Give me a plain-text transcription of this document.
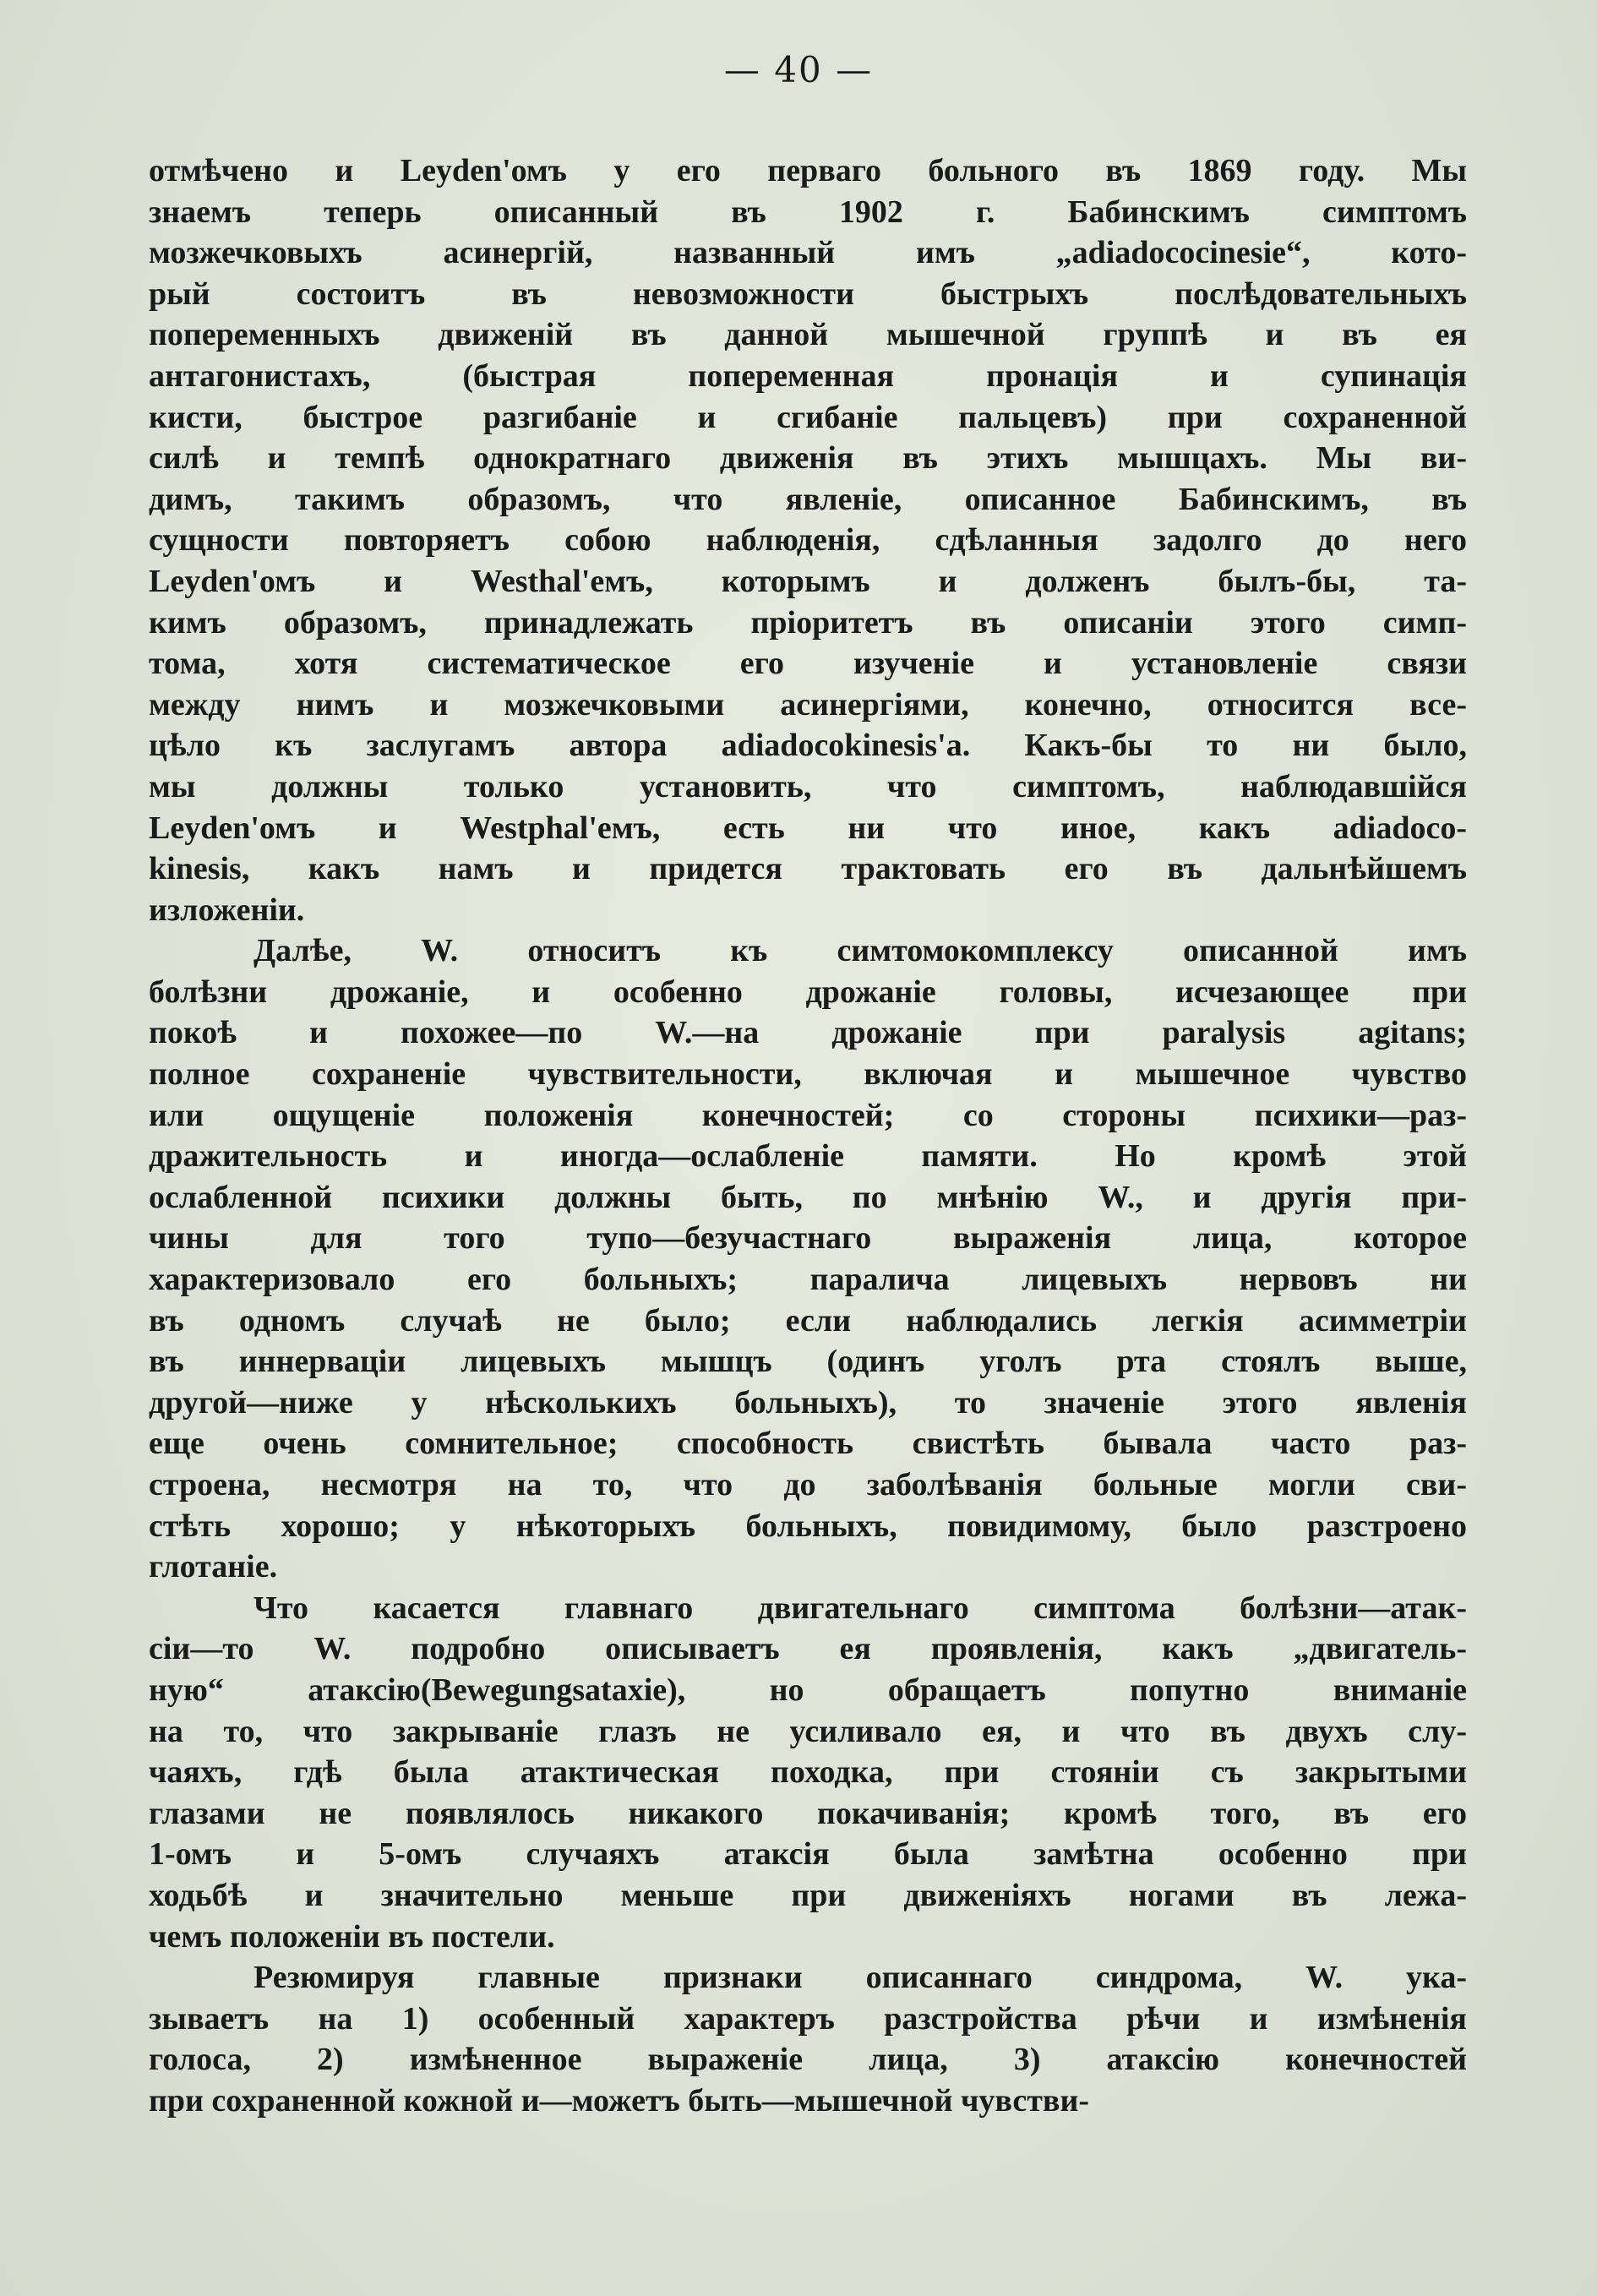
— 40 —
отмѣчено и Leyden'омъ у его перваго больного въ 1869 году. Мы
знаемъ теперь описанный въ 1902 г. Бабинскимъ симптомъ
мозжечковыхъ асинергій, названный имъ „adiadococinesie“, кото-
рый состоитъ въ невозможности быстрыхъ послѣдовательныхъ
попеременныхъ движеній въ данной мышечной группѣ и въ ея
антагонистахъ, (быстрая попеременная пронація и супинація
кисти, быстрое разгибаніе и сгибаніе пальцевъ) при сохраненной
силѣ и темпѣ однократнаго движенія въ этихъ мышцахъ. Мы ви-
димъ, такимъ образомъ, что явленіе, описанное Бабинскимъ, въ
сущности повторяетъ собою наблюденія, сдѣланныя задолго до него
Leyden'омъ и Westhal'емъ, которымъ и долженъ былъ-бы, та-
кимъ образомъ, принадлежать пріоритетъ въ описаніи этого симп-
тома, хотя систематическое его изученіе и установленіе связи
между нимъ и мозжечковыми асинергіями, конечно, относится все-
цѣло къ заслугамъ автора adiadocokinesis'a. Какъ-бы то ни было,
мы должны только установить, что симптомъ, наблюдавшійся
Leyden'омъ и Westphal'емъ, есть ни что иное, какъ adiadoco-
kinesis, какъ намъ и придется трактовать его въ дальнѣйшемъ
изложеніи.
Далѣе, W. относитъ къ симтомокомплексу описанной имъ
болѣзни дрожаніе, и особенно дрожаніе головы, исчезающее при
покоѣ и похожее—по W.—на дрожаніе при paralysis agitans;
полное сохраненіе чувствительности, включая и мышечное чувство
или ощущеніе положенія конечностей; со стороны психики—раз-
дражительность и иногда—ослабленіе памяти. Но кромѣ этой
ослабленной психики должны быть, по мнѣнію W., и другія при-
чины для того тупо—безучастнаго выраженія лица, которое
характеризовало его больныхъ; паралича лицевыхъ нервовъ ни
въ одномъ случаѣ не было; если наблюдались легкія асимметріи
въ иннерваціи лицевыхъ мышцъ (одинъ уголъ рта стоялъ выше,
другой—ниже у нѣсколькихъ больныхъ), то значеніе этого явленія
еще очень сомнительное; способность свистѣть бывала часто раз-
строена, несмотря на то, что до заболѣванія больные могли сви-
стѣть хорошо; у нѣкоторыхъ больныхъ, повидимому, было разстроено
глотаніе.
Что касается главнаго двигательнаго симптома болѣзни—атак-
сіи—то W. подробно описываетъ ея проявленія, какъ „двигатель-
ную“ атаксію(Bewegungsataxie), но обращаетъ попутно вниманіе
на то, что закрываніе глазъ не усиливало ея, и что въ двухъ слу-
чаяхъ, гдѣ была атактическая походка, при стояніи съ закрытыми
глазами не появлялось никакого покачиванія; кромѣ того, въ его
1-омъ и 5-омъ случаяхъ атаксія была замѣтна особенно при
ходьбѣ и значительно меньше при движеніяхъ ногами въ лежа-
чемъ положеніи въ постели.
Резюмируя главные признаки описаннаго синдрома, W. ука-
зываетъ на 1) особенный характеръ разстройства рѣчи и измѣненія
голоса, 2) измѣненное выраженіе лица, 3) атаксію конечностей
при сохраненной кожной и—можетъ быть—мышечной чувстви-
